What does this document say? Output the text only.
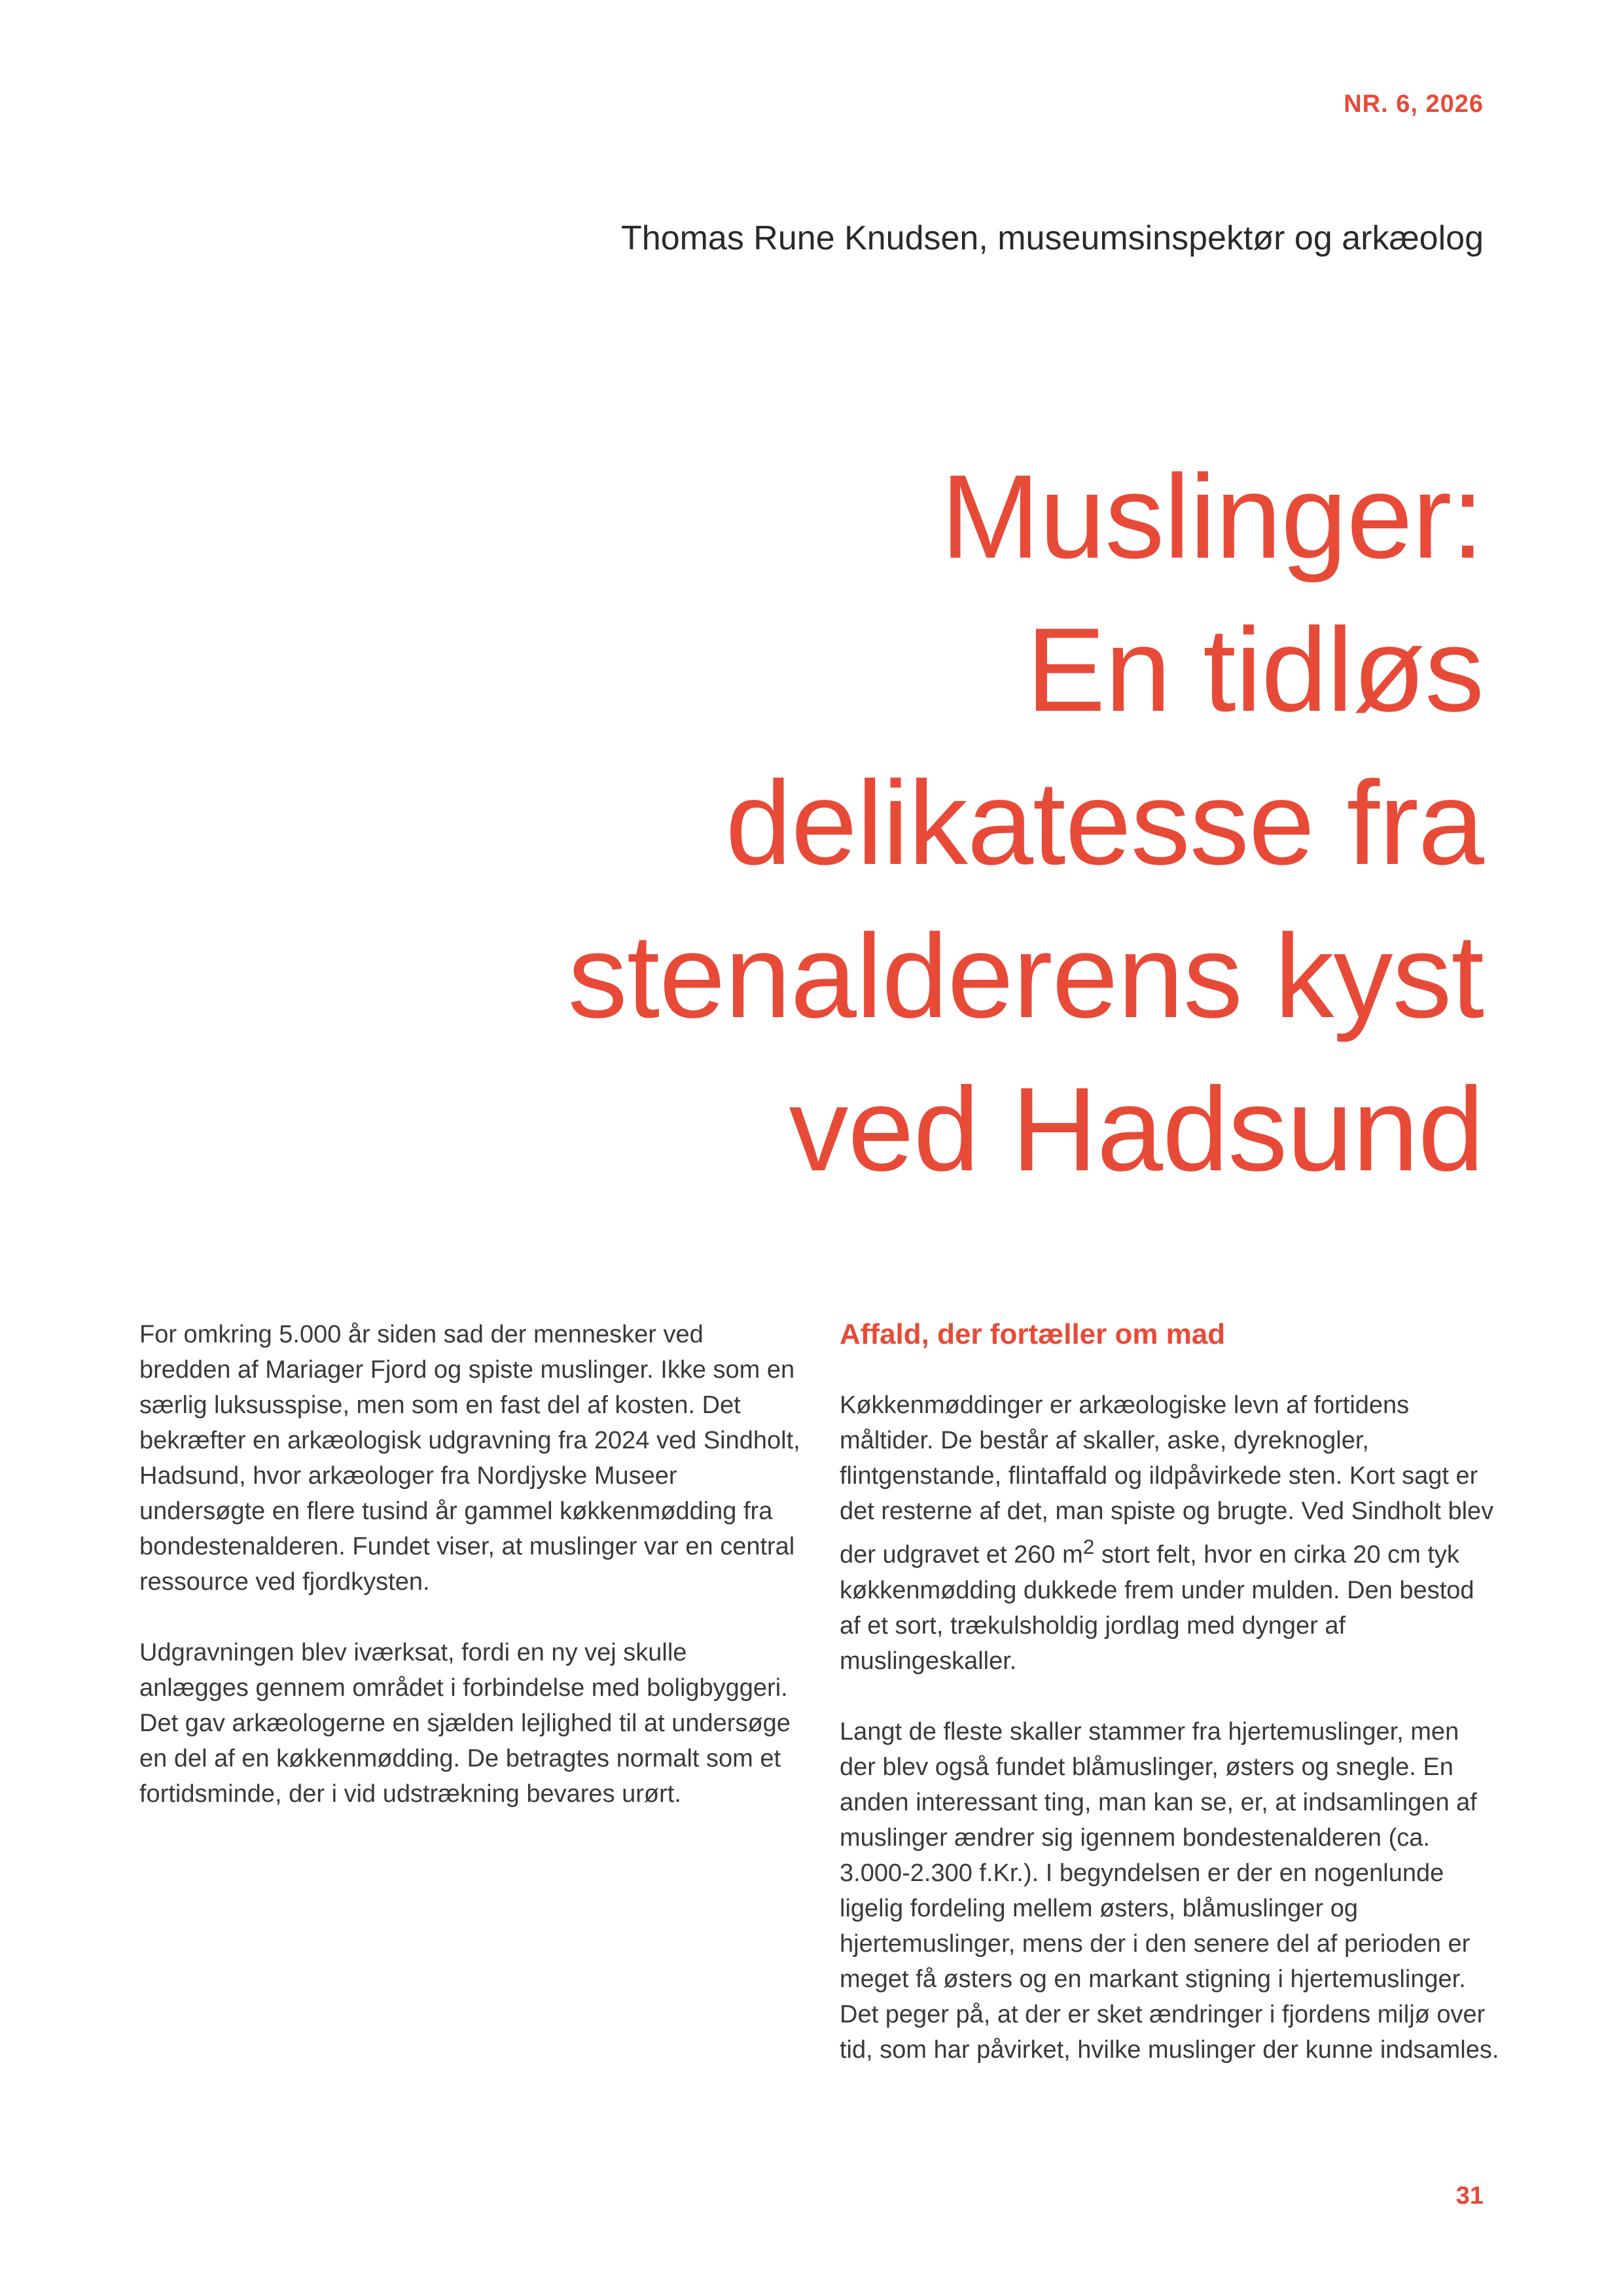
NR. 6, 2026
Thomas Rune Knudsen, museumsinspektør og arkæolog
Muslinger:
En tidløs
delikatesse fra
stenalderens kyst
ved Hadsund

For omkring 5.000 år siden sad der mennesker ved bredden af Mariager Fjord og spiste muslinger. Ikke som en særlig luksusspise, men som en fast del af kosten. Det bekræfter en arkæologisk udgravning fra 2024 ved Sindholt, Hadsund, hvor arkæologer fra Nordjyske Museer undersøgte en flere tusind år gammel køkkenmødding fra bondestenalderen. Fundet viser, at muslinger var en central ressource ved fjordkysten.

Udgravningen blev iværksat, fordi en ny vej skulle anlægges gennem området i forbindelse med boligbyggeri. Det gav arkæologerne en sjælden lejlighed til at undersøge en del af en køkkenmødding. De betragtes normalt som et fortidsminde, der i vid udstrækning bevares urørt.

Affald, der fortæller om mad

Køkkenmøddinger er arkæologiske levn af fortidens måltider. De består af skaller, aske, dyreknogler, flintgenstande, flintaffald og ildpåvirkede sten. Kort sagt er det resterne af det, man spiste og brugte. Ved Sindholt blev der udgravet et 260 $m^2$ stort felt, hvor en cirka 20 cm tyk køkkenmødding dukkede frem under mulden. Den bestod af et sort, trækulsholdig jordlag med dynger af muslingeskaller.

Langt de fleste skaller stammer fra hjertemuslinger, men der blev også fundet blåmuslinger, østers og snegle. En anden interessant ting, man kan se, er, at indsamlingen af muslinger ændrer sig igennem bondestenalderen (ca. 3.000-2.300 f.Kr.). I begyndelsen er der en nogenlunde ligelig fordeling mellem østers, blåmuslinger og hjertemuslinger, mens der i den senere del af perioden er meget få østers og en markant stigning i hjertemuslinger. Det peger på, at der er sket ændringer i fjordens miljø over tid, som har påvirket, hvilke muslinger der kunne indsamles.

31
